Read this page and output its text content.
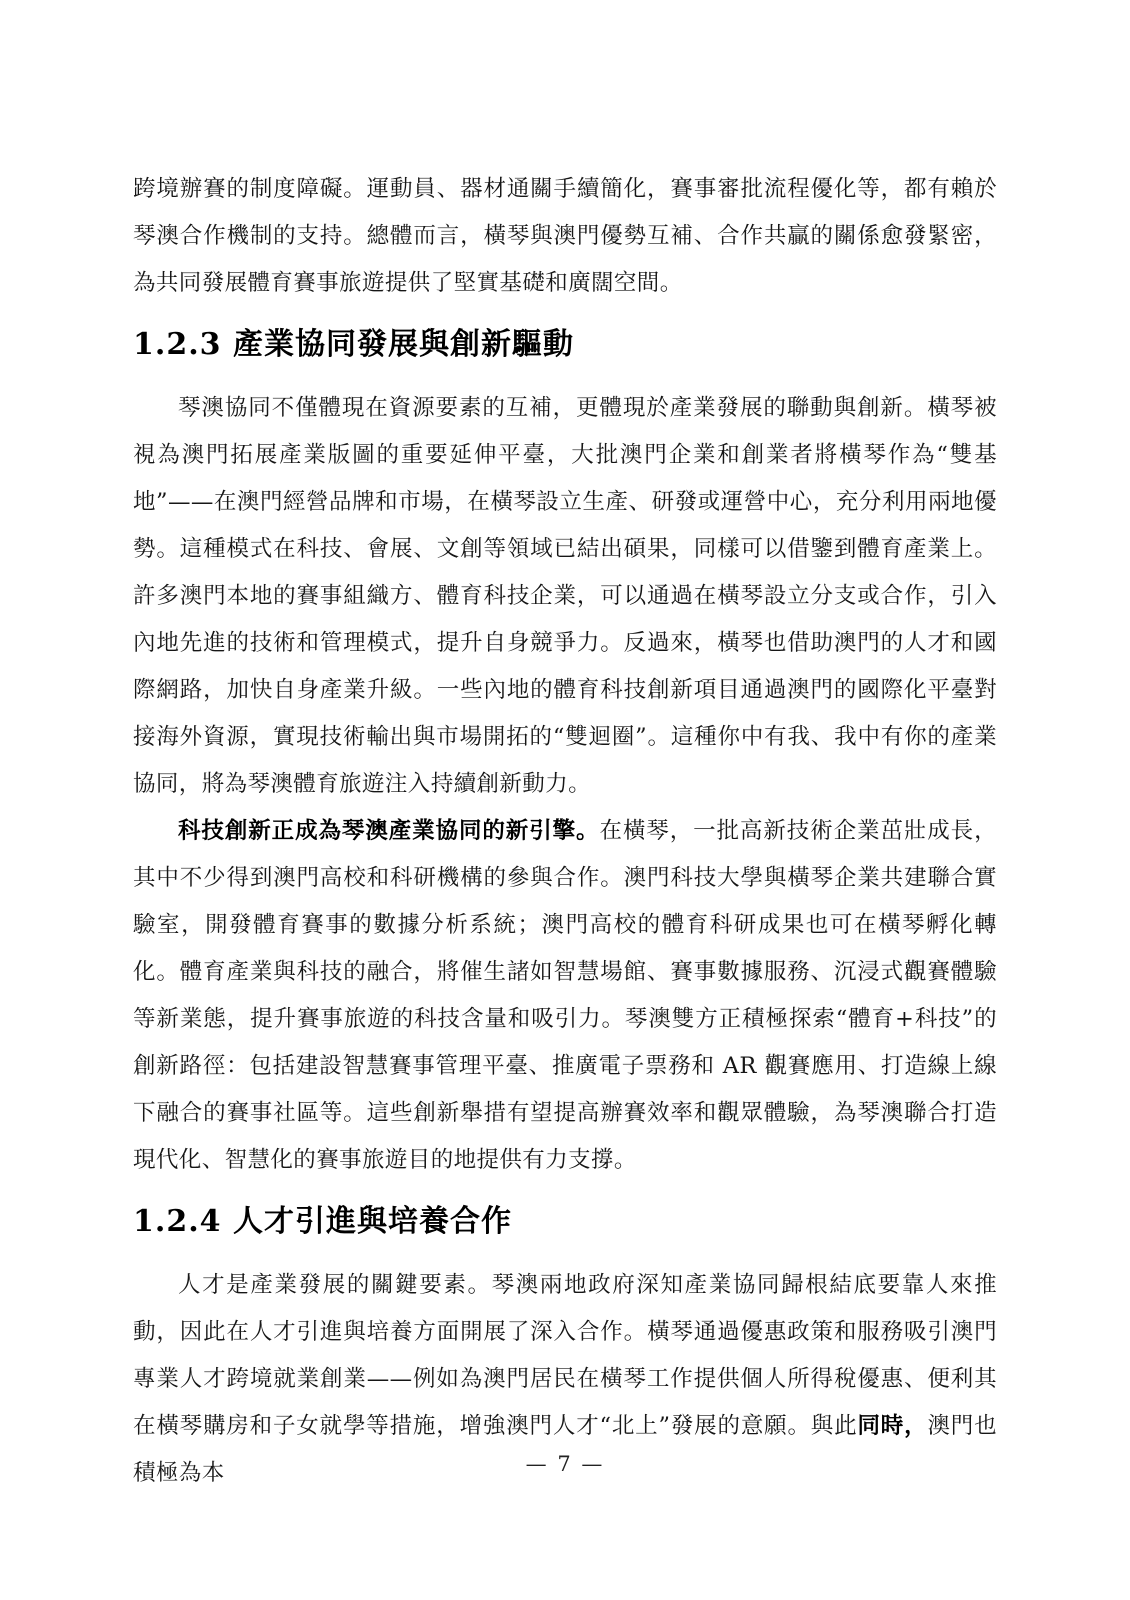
跨境辦賽的制度障礙。運動員、器材通關手續簡化，賽事審批流程優化等，都有賴於琴澳合作機制的支持。總體而言，橫琴與澳門優勢互補、合作共贏的關係愈發緊密，為共同發展體育賽事旅遊提供了堅實基礎和廣闊空間。

1.2.3 產業協同發展與創新驅動

琴澳協同不僅體現在資源要素的互補，更體現於產業發展的聯動與創新。橫琴被視為澳門拓展產業版圖的重要延伸平臺，大批澳門企業和創業者將橫琴作為“雙基地”——在澳門經營品牌和市場，在橫琴設立生產、研發或運營中心，充分利用兩地優勢。這種模式在科技、會展、文創等領域已結出碩果，同樣可以借鑒到體育產業上。許多澳門本地的賽事組織方、體育科技企業，可以通過在橫琴設立分支或合作，引入內地先進的技術和管理模式，提升自身競爭力。反過來，橫琴也借助澳門的人才和國際網路，加快自身產業升級。一些內地的體育科技創新項目通過澳門的國際化平臺對接海外資源，實現技術輸出與市場開拓的“雙迴圈”。這種你中有我、我中有你的產業協同，將為琴澳體育旅遊注入持續創新動力。

科技創新正成為琴澳產業協同的新引擎。在橫琴，一批高新技術企業茁壯成長，其中不少得到澳門高校和科研機構的參與合作。澳門科技大學與橫琴企業共建聯合實驗室，開發體育賽事的數據分析系統；澳門高校的體育科研成果也可在橫琴孵化轉化。體育產業與科技的融合，將催生諸如智慧場館、賽事數據服務、沉浸式觀賽體驗等新業態，提升賽事旅遊的科技含量和吸引力。琴澳雙方正積極探索“體育+科技”的創新路徑：包括建設智慧賽事管理平臺、推廣電子票務和 AR 觀賽應用、打造線上線下融合的賽事社區等。這些創新舉措有望提高辦賽效率和觀眾體驗，為琴澳聯合打造現代化、智慧化的賽事旅遊目的地提供有力支撐。

1.2.4 人才引進與培養合作

人才是產業發展的關鍵要素。琴澳兩地政府深知產業協同歸根結底要靠人來推動，因此在人才引進與培養方面開展了深入合作。橫琴通過優惠政策和服務吸引澳門專業人才跨境就業創業——例如為澳門居民在橫琴工作提供個人所得稅優惠、便利其在橫琴購房和子女就學等措施，增強澳門人才“北上”發展的意願。與此同時，澳門也積極為本	— 7 —
